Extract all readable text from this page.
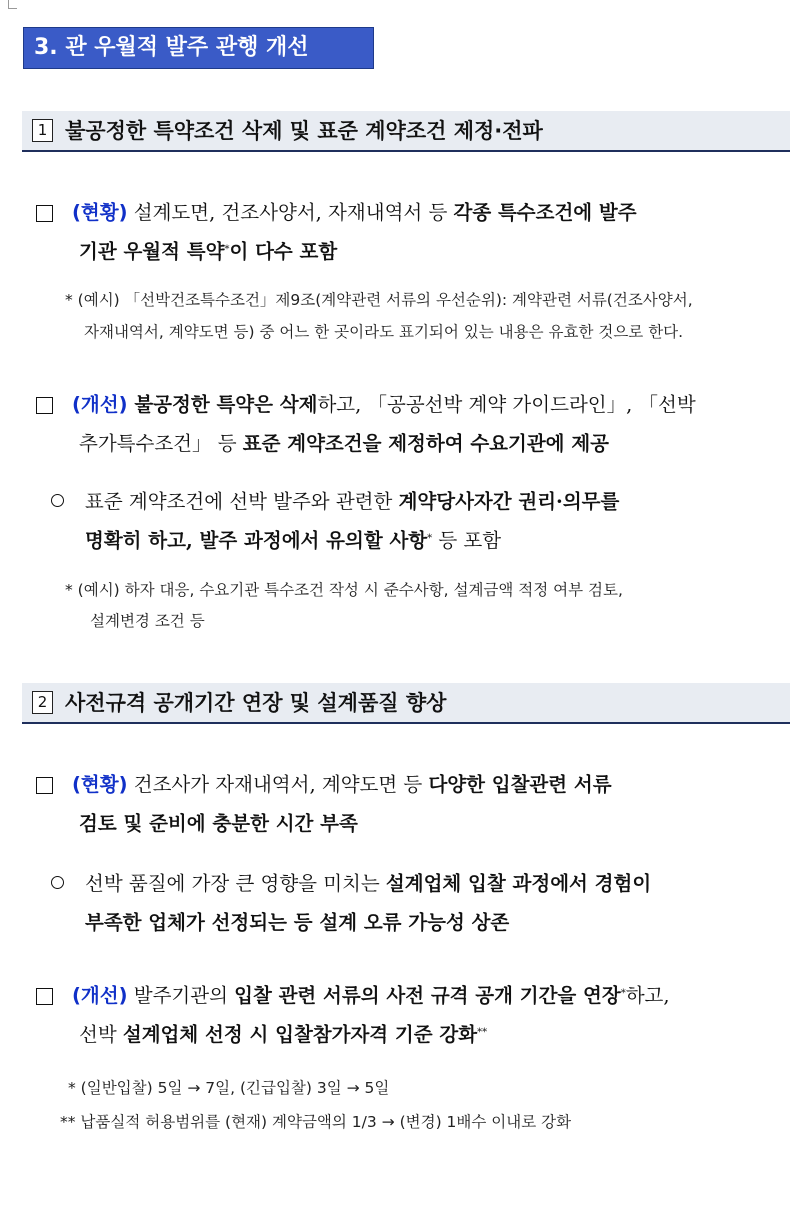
3. 관 우월적 발주 관행 개선
1 불공정한 특약조건 삭제 및 표준 계약조건 제정·전파
(현황) 설계도면, 건조사양서, 자재내역서 등 각종 특수조건에 발주
기관 우월적 특약*이 다수 포함
* (예시) 「선박건조특수조건」제9조(계약관련 서류의 우선순위): 계약관련 서류(건조사양서,
자재내역서, 계약도면 등) 중 어느 한 곳이라도 표기되어 있는 내용은 유효한 것으로 한다.
(개선) 불공정한 특약은 삭제하고, 「공공선박 계약 가이드라인」, 「선박
추가특수조건」 등 표준 계약조건을 제정하여 수요기관에 제공
표준 계약조건에 선박 발주와 관련한 계약당사자간 권리·의무를
명확히 하고, 발주 과정에서 유의할 사항* 등 포함
* (예시) 하자 대응, 수요기관 특수조건 작성 시 준수사항, 설계금액 적정 여부 검토,
설계변경 조건 등
2 사전규격 공개기간 연장 및 설계품질 향상
(현황) 건조사가 자재내역서, 계약도면 등 다양한 입찰관련 서류
검토 및 준비에 충분한 시간 부족
선박 품질에 가장 큰 영향을 미치는 설계업체 입찰 과정에서 경험이
부족한 업체가 선정되는 등 설계 오류 가능성 상존
(개선) 발주기관의 입찰 관련 서류의 사전 규격 공개 기간을 연장*하고,
선박 설계업체 선정 시 입찰참가자격 기준 강화**
* (일반입찰) 5일 → 7일, (긴급입찰) 3일 → 5일
** 납품실적 허용범위를 (현재) 계약금액의 1/3 → (변경) 1배수 이내로 강화
